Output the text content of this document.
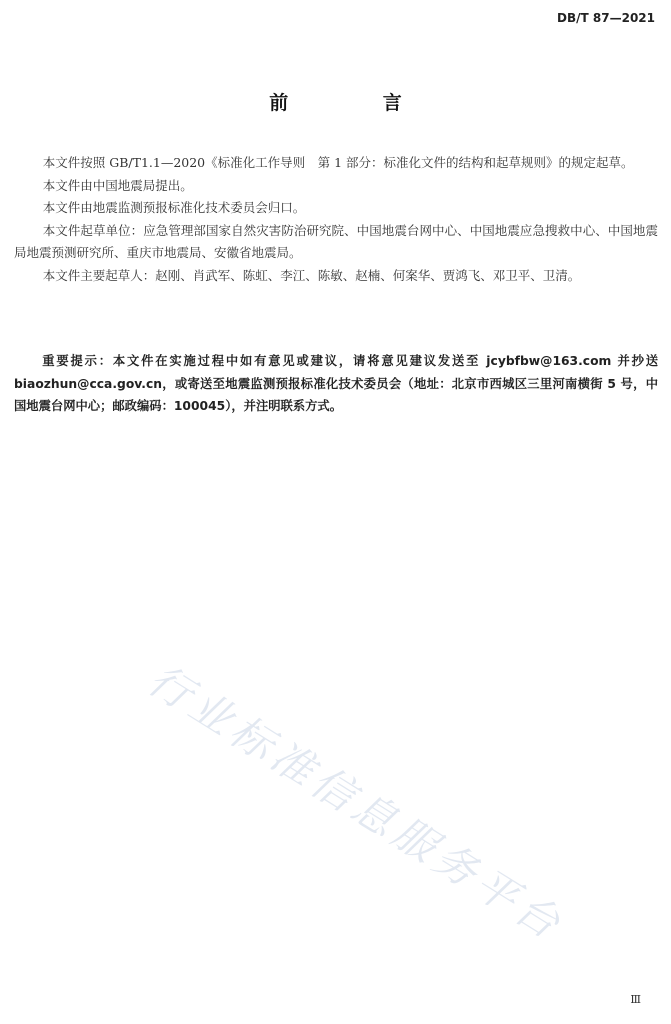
DB/T 87—2021
前 言

本文件按照 GB/T1.1—2020《标准化工作导则　第 1 部分：标准化文件的结构和起草规则》的规定起草。

本文件由中国地震局提出。

本文件由地震监测预报标准化技术委员会归口。

本文件起草单位：应急管理部国家自然灾害防治研究院、中国地震台网中心、中国地震应急搜救中心、中国地震局地震预测研究所、重庆市地震局、安徽省地震局。

本文件主要起草人：赵刚、肖武军、陈虹、李江、陈敏、赵楠、何案华、贾鸿飞、邓卫平、卫清。

重要提示：本文件在实施过程中如有意见或建议，请将意见建议发送至 jcybfbw@163.com 并抄送 biaozhun@cca.gov.cn，或寄送至地震监测预报标准化技术委员会（地址：北京市西城区三里河南横街 5 号，中国地震台网中心；邮政编码：100045），并注明联系方式。

行业标准信息服务平台
Ⅲ
